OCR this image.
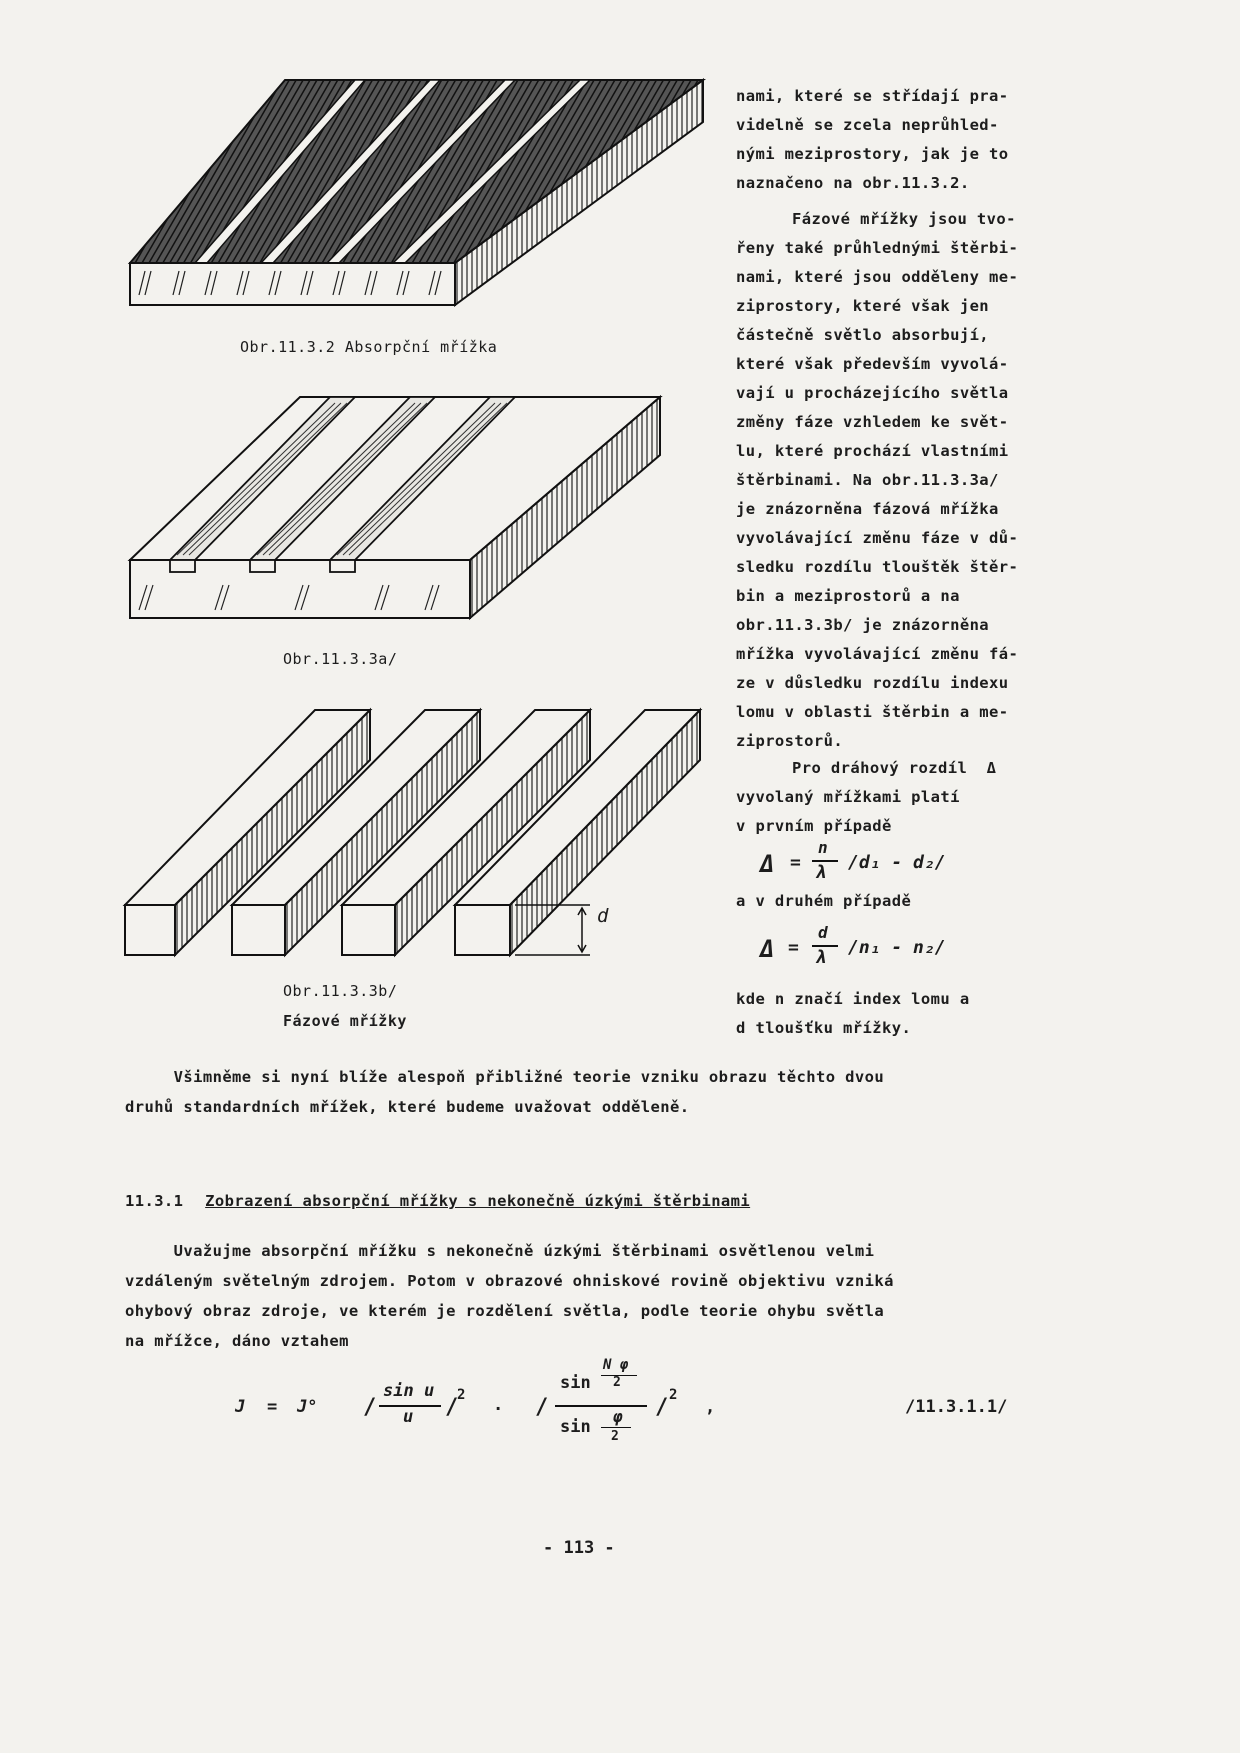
Obr.11.3.2 Absorpční mřížka
Obr.11.3.3a/
d
Obr.11.3.3b/
Fázové mřížky

nami, které se střídají pra-

videlně se zcela neprůhled-

nými meziprostory, jak je to

naznačeno na obr.11.3.2.

Fázové mřížky jsou tvo-

řeny také průhlednými štěrbi-

nami, které jsou odděleny me-

ziprostory, které však jen

částečně světlo absorbují,

které však především vyvolá-

vají u procházejícího světla

změny fáze vzhledem ke svět-

lu, které prochází vlastními

štěrbinami. Na obr.11.3.3a/

je znázorněna fázová mřížka

vyvolávající změnu fáze v dů-

sledku rozdílu tlouštěk štěr-

bin a meziprostorů a na

obr.11.3.3b/ je znázorněna

mřížka vyvolávající změnu fá-

ze v důsledku rozdílu indexu

lomu v oblasti štěrbin a me-

ziprostorů.

Pro dráhový rozdíl  Δ

vyvolaný mřížkami platí

v prvním případě

Δ =
n
λ /d₁ - d₂/

a v druhém případě

Δ =
d
λ /n₁ - n₂/

kde n značí index lomu a

d tloušťku mřížky.

Všimněme si nyní blíže alespoň přibližné teorie vzniku obrazu těchto dvou

druhů standardních mřížek, které budeme uvažovat odděleně.

11.3.1 Zobrazení absorpční mřížky s nekonečně úzkými štěrbinami

Uvažujme absorpční mřížku s nekonečně úzkými štěrbinami osvětlenou velmi

vzdáleným světelným zdrojem. Potom v obrazové ohniskové rovině objektivu vzniká

ohybový obraz zdroje, ve kterém je rozdělení světla, podle teorie ohybu světla

na mřížce, dáno vztahem

J = J° /
sin u
u /
2 . /
sin
N φ
2
sin
φ
2
/ 2
,	/11.3.1.1/
- 113 -
